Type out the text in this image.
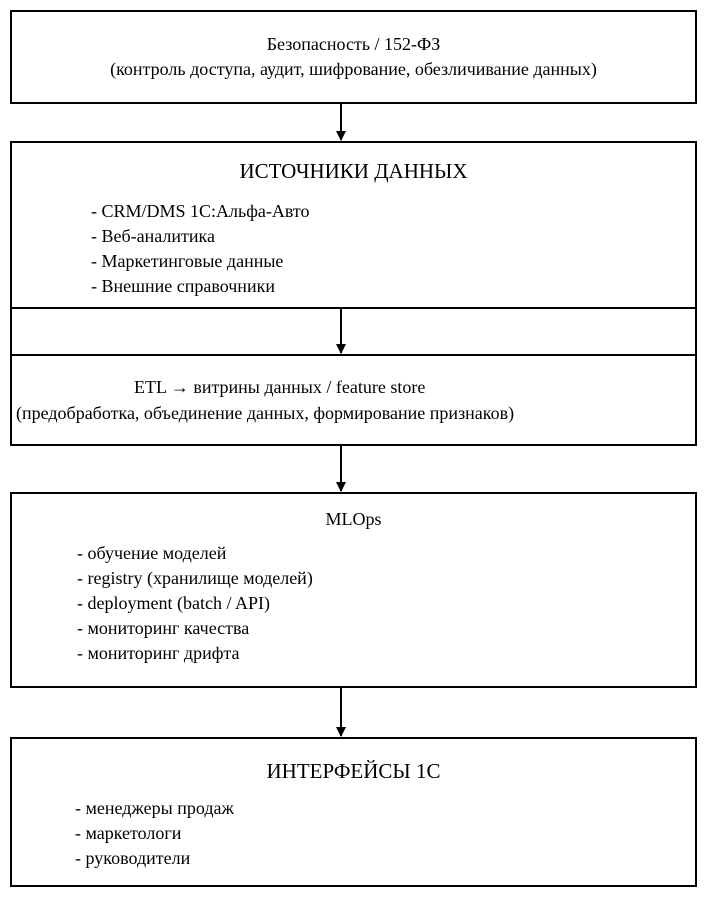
Безопасность / 152-ФЗ
(контроль доступа, аудит, шифрование, обезличивание данных)
ИСТОЧНИКИ ДАННЫХ
- CRM/DMS 1С:Альфа-Авто
- Веб-аналитика
- Маркетинговые данные
- Внешние справочники
ETL → витрины данных / feature store
(предобработка, объединение данных, формирование признаков)
MLOps
- обучение моделей
- registry (хранилище моделей)
- deployment (batch / API)
- мониторинг качества
- мониторинг дрифта
ИНТЕРФЕЙСЫ 1С
- менеджеры продаж
- маркетологи
- руководители
